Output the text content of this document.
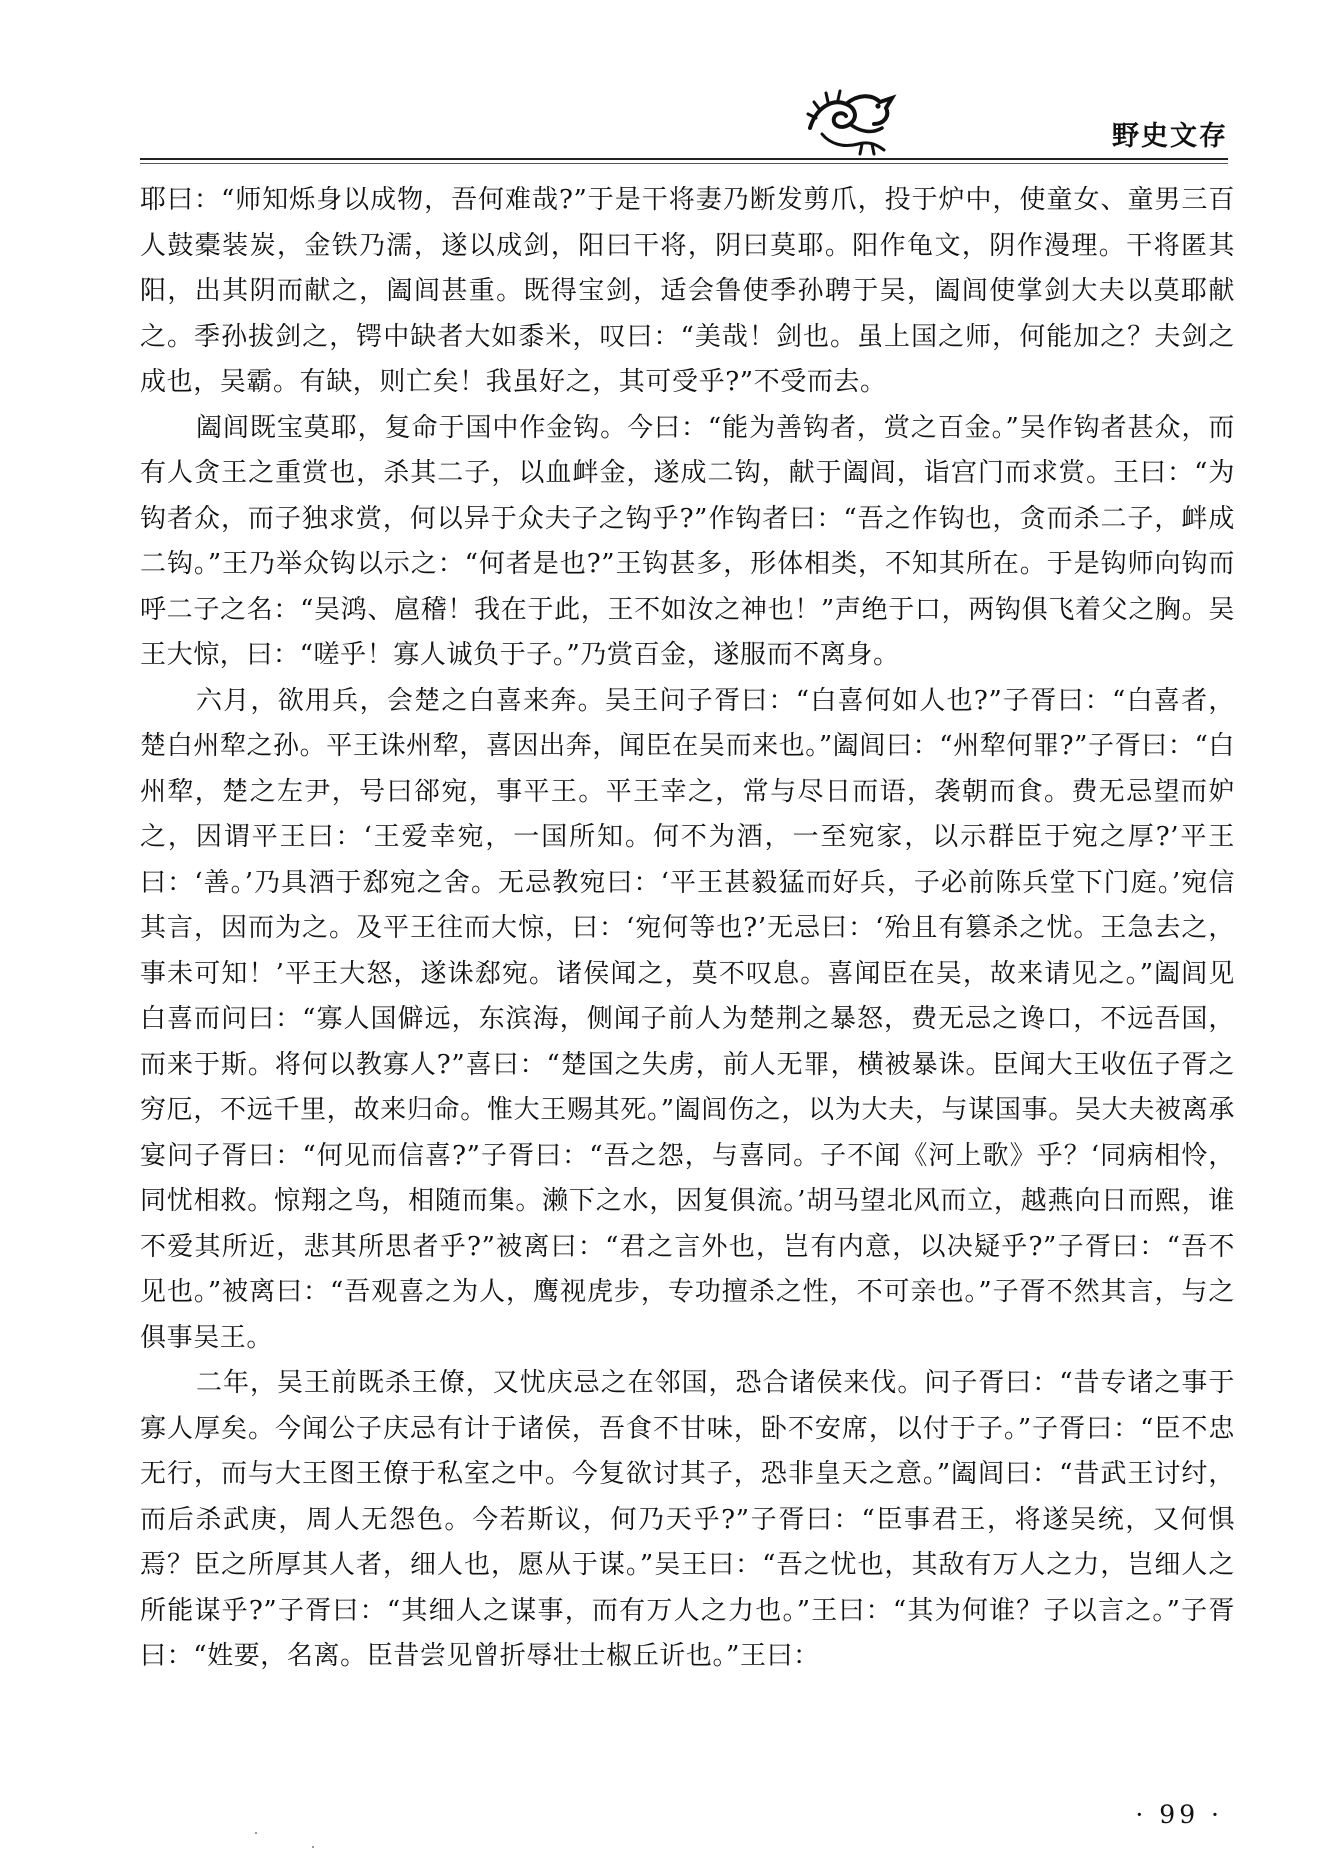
野史文存

耶曰：“师知烁身以成物，吾何难哉?”于是干将妻乃断发剪爪，投于炉中，使童女、童男三百人鼓橐装炭，金铁乃濡，遂以成剑，阳曰干将，阴曰莫耶。阳作龟文，阴作漫理。干将匿其阳，出其阴而献之，阖闾甚重。既得宝剑，适会鲁使季孙聘于吴，阖闾使掌剑大夫以莫耶献之。季孙拔剑之，锷中缺者大如黍米，叹曰：“美哉！剑也。虽上国之师，何能加之？夫剑之成也，吴霸。有缺，则亡矣！我虽好之，其可受乎?”不受而去。

阖闾既宝莫耶，复命于国中作金钩。今曰：“能为善钩者，赏之百金。”吴作钩者甚众，而有人贪王之重赏也，杀其二子，以血衅金，遂成二钩，献于阖闾，诣宫门而求赏。王曰：“为钩者众，而子独求赏，何以异于众夫子之钩乎?”作钩者曰：“吾之作钩也，贪而杀二子，衅成二钩。”王乃举众钩以示之：“何者是也?”王钩甚多，形体相类，不知其所在。于是钩师向钩而呼二子之名：“吴鸿、扈稽！我在于此，王不如汝之神也！”声绝于口，两钩俱飞着父之胸。吴王大惊，曰：“嗟乎！寡人诚负于子。”乃赏百金，遂服而不离身。

六月，欲用兵，会楚之白喜来奔。吴王问子胥曰：“白喜何如人也?”子胥曰：“白喜者，楚白州犂之孙。平王诛州犂，喜因出奔，闻臣在吴而来也。”阖闾曰：“州犂何罪?”子胥曰：“白州犂，楚之左尹，号曰郤宛，事平王。平王幸之，常与尽日而语，袭朝而食。费无忌望而妒之，因谓平王曰：‘王爱幸宛，一国所知。何不为酒，一至宛家，以示群臣于宛之厚?’平王曰：‘善。’乃具酒于郄宛之舍。无忌教宛曰：‘平王甚毅猛而好兵，子必前陈兵堂下门庭。’宛信其言，因而为之。及平王往而大惊，曰：‘宛何等也?’无忌曰：‘殆且有篡杀之忧。王急去之，事未可知！’平王大怒，遂诛郄宛。诸侯闻之，莫不叹息。喜闻臣在吴，故来请见之。”阖闾见白喜而问曰：“寡人国僻远，东滨海，侧闻子前人为楚荆之暴怒，费无忌之谗口，不远吾国，而来于斯。将何以教寡人?”喜曰：“楚国之失虏，前人无罪，横被暴诛。臣闻大王收伍子胥之穷厄，不远千里，故来归命。惟大王赐其死。”阖闾伤之，以为大夫，与谋国事。吴大夫被离承宴问子胥曰：“何见而信喜?”子胥曰：“吾之怨，与喜同。子不闻《河上歌》乎？‘同病相怜，同忧相救。惊翔之鸟，相随而集。濑下之水，因复俱流。’胡马望北风而立，越燕向日而熙，谁不爱其所近，悲其所思者乎?”被离曰：“君之言外也，岂有内意，以决疑乎?”子胥曰：“吾不见也。”被离曰：“吾观喜之为人，鹰视虎步，专功擅杀之性，不可亲也。”子胥不然其言，与之俱事吴王。

二年，吴王前既杀王僚，又忧庆忌之在邻国，恐合诸侯来伐。问子胥曰：“昔专诸之事于寡人厚矣。今闻公子庆忌有计于诸侯，吾食不甘味，卧不安席，以付于子。”子胥曰：“臣不忠无行，而与大王图王僚于私室之中。今复欲讨其子，恐非皇天之意。”阖闾曰：“昔武王讨纣，而后杀武庚，周人无怨色。今若斯议，何乃天乎?”子胥曰：“臣事君王，将遂吴统，又何惧焉？臣之所厚其人者，细人也，愿从于谋。”吴王曰：“吾之忧也，其敌有万人之力，岂细人之所能谋乎?”子胥曰：“其细人之谋事，而有万人之力也。”王曰：“其为何谁？子以言之。”子胥曰：“姓要，名离。臣昔尝见曾折辱壮士椒丘䜣也。”王曰：

· 99 ·
